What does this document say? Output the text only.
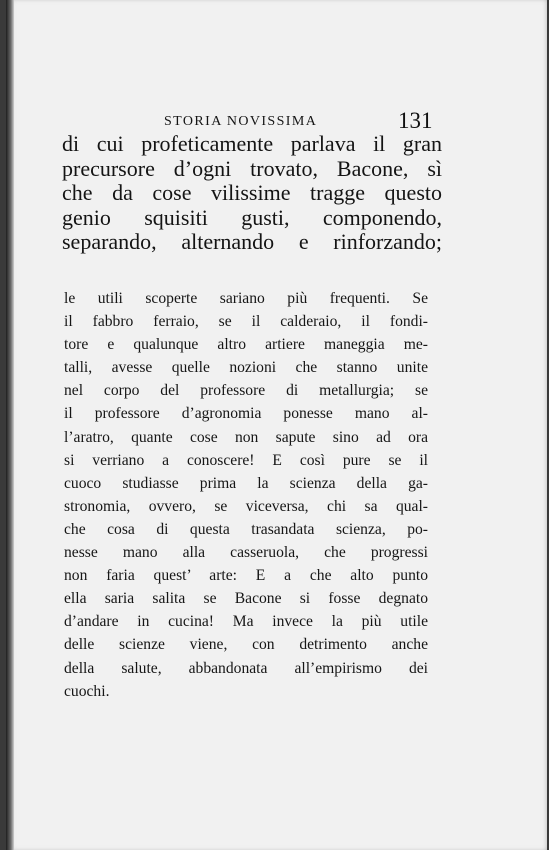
STORIA NOVISSIMA	131
di cui profeticamente parlava il gran
precursore d’ogni trovato, Bacone, sì
che da cose vilissime tragge questo
genio squisiti gusti, componendo,
separando, alternando e rinforzando;
le utili scoperte sariano più frequenti. Se
il fabbro ferraio, se il calderaio, il fondi-
tore e qualunque altro artiere maneggia me-
talli, avesse quelle nozioni che stanno unite
nel corpo del professore di metallurgia; se
il professore d’agronomia ponesse mano al-
l’aratro, quante cose non sapute sino ad ora
si verriano a conoscere! E così pure se il
cuoco studiasse prima la scienza della ga-
stronomia, ovvero, se viceversa, chi sa qual-
che cosa di questa trasandata scienza, po-
nesse mano alla casseruola, che progressi
non faria quest’ arte: E a che alto punto
ella saria salita se Bacone si fosse degnato
d’andare in cucina! Ma invece la più utile
delle scienze viene, con detrimento anche
della salute, abbandonata all’empirismo dei
cuochi.
